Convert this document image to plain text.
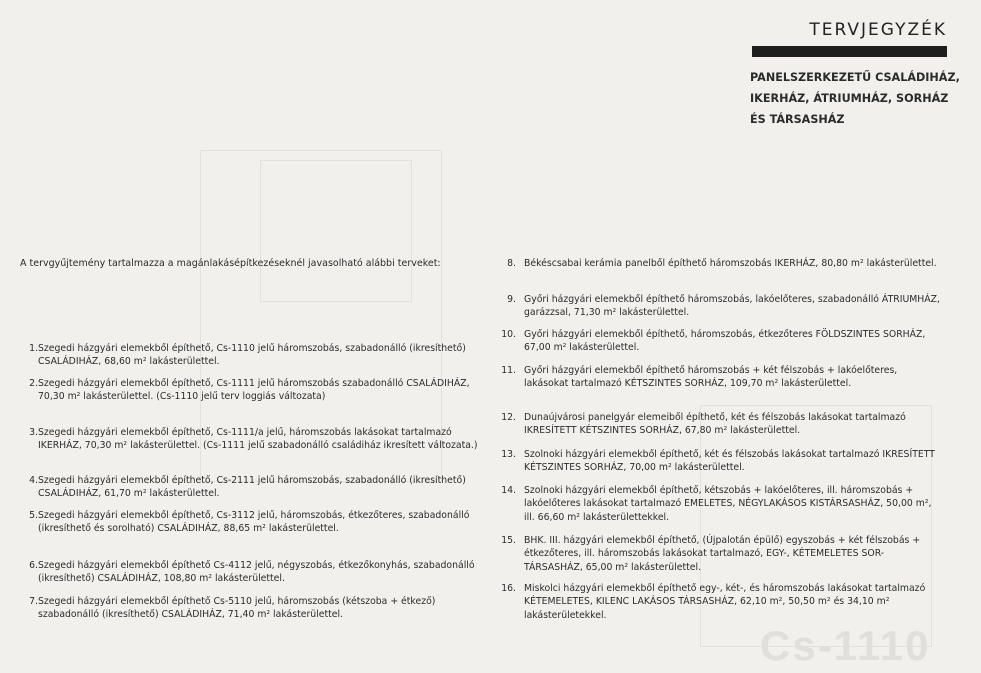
Cs-1110
TERVJEGYZÉK
PANELSZERKEZETŰ CSALÁDIHÁZ,
IKERHÁZ, ÁTRIUMHÁZ, SORHÁZ
ÉS TÁRSASHÁZ
A tervgyűjtemény tartalmazza a magánlakásépítkezéseknél javasolható alábbi terveket:
1. Szegedi házgyári elemekből építhető, Cs-1110 jelű háromszobás, szabadonálló (ikresíthető) CSALÁDIHÁZ, 68,60 m² lakásterülettel.
2. Szegedi házgyári elemekből építhető, Cs-1111 jelű háromszobás szabadonálló CSALÁDIHÁZ, 70,30 m² lakásterülettel. (Cs-1110 jelű terv loggiás változata)
3. Szegedi házgyári elemekből építhető, Cs-1111/a jelű, háromszobás lakásokat tartalmazó IKERHÁZ, 70,30 m² lakásterülettel. (Cs-1111 jelű szabadonálló családiház ikresített változata.)
4. Szegedi házgyári elemekből építhető, Cs-2111 jelű háromszobás, szabadonálló (ikresíthető) CSALÁDIHÁZ, 61,70 m² lakásterülettel.
5. Szegedi házgyári elemekből építhető, Cs-3112 jelű, háromszobás, étkezőteres, szabadonálló (ikresíthető és sorolható) CSALÁDIHÁZ, 88,65 m² lakásterülettel.
6. Szegedi házgyári elemekből építhető Cs-4112 jelű, négyszobás, étkezőkonyhás, szabadonálló (ikresíthető) CSALÁDIHÁZ, 108,80 m² lakásterülettel.
7. Szegedi házgyári elemekből építhető Cs-5110 jelű, háromszobás (kétszoba + étkező) szabadonálló (ikresíthető) CSALÁDIHÁZ, 71,40 m² lakásterülettel.
8. Békéscsabai kerámia panelből építhető háromszobás IKERHÁZ, 80,80 m² lakásterülettel.
9. Győri házgyári elemekből építhető háromszobás, lakóelőteres, szabadonálló ÁTRIUMHÁZ, garázzsal, 71,30 m² lakásterülettel.
10. Győri házgyári elemekből építhető, háromszobás, étkezőteres FÖLDSZINTES SORHÁZ, 67,00 m² lakásterülettel.
11. Győri házgyári elemekből építhető háromszobás + két félszobás + lakóelőteres, lakásokat tartalmazó KÉTSZINTES SORHÁZ, 109,70 m² lakásterülettel.
12. Dunaújvárosi panelgyár elemeiből építhető, két és félszobás lakásokat tartalmazó IKRESÍTETT KÉTSZINTES SORHÁZ, 67,80 m² lakásterülettel.
13. Szolnoki házgyári elemekből építhető, két és félszobás lakásokat tartalmazó IKRESÍTETT KÉTSZINTES SORHÁZ, 70,00 m² lakásterülettel.
14. Szolnoki házgyári elemekből építhető, kétszobás + lakóelőteres, ill. háromszobás + lakóelőteres lakásokat tartalmazó EMELETES, NÉGYLAKÁSOS KISTÁRSASHÁZ, 50,00 m², ill. 66,60 m² lakásterülettekkel.
15. BHK. III. házgyári elemekből építhető, (Újpalotán épülő) egyszobás + két félszobás + étkezőteres, ill. háromszobás lakásokat tartalmazó, EGY-, KÉTEMELETES SOR-TÁRSASHÁZ, 65,00 m² lakásterülettel.
16. Miskolci házgyári elemekből építhető egy-, két-, és háromszobás lakásokat tartalmazó KÉTEMELETES, KILENC LAKÁSOS TÁRSASHÁZ, 62,10 m², 50,50 m² és 34,10 m² lakásterületekkel.
